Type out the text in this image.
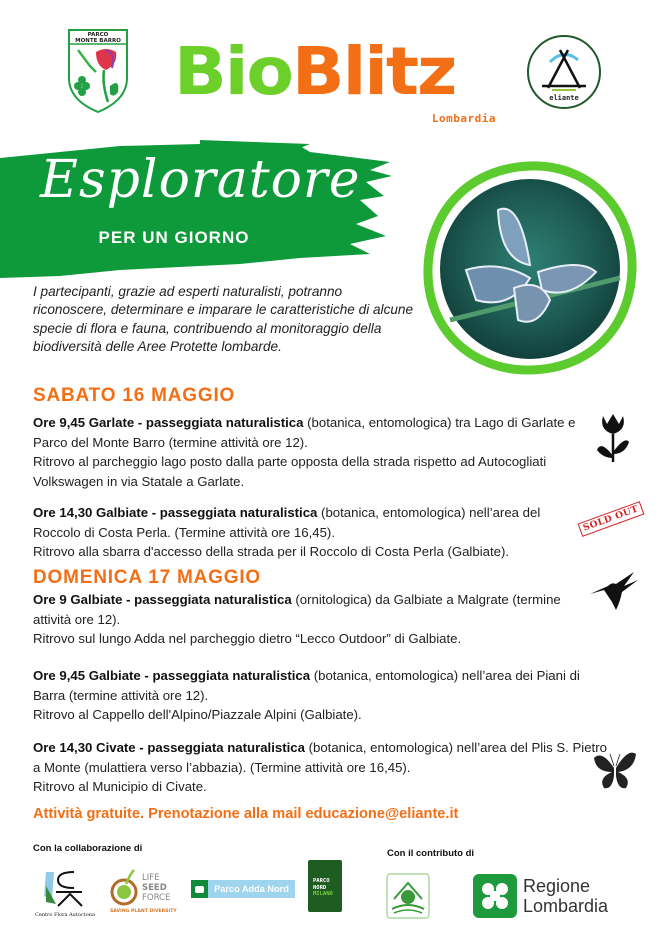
PARCO
MONTE BARRO BioBlitz
Lombardia
eliante
Esploratore
PER UN GIORNO

I partecipanti, grazie ad esperti naturalisti, potranno riconoscere, determinare e imparare le caratteristiche di alcune specie di flora e fauna, contribuendo al monitoraggio della biodiversità delle Aree Protette lombarde.

SABATO 16 MAGGIO
Ore 9,45 Garlate - passeggiata naturalistica (botanica, entomologica) tra Lago di Garlate e Parco del Monte Barro (termine attività ore 12).
Ritrovo al parcheggio lago posto dalla parte opposta della strada rispetto ad Autocogliati Volkswagen in via Statale a Garlate.
Ore 14,30 Galbiate - passeggiata naturalistica (botanica, entomologica) nell’area del Roccolo di Costa Perla. (Termine attività ore 16,45).
Ritrovo alla sbarra d'accesso della strada per il Roccolo di Costa Perla (Galbiate).
SOLD OUT
DOMENICA 17 MAGGIO
Ore 9 Galbiate - passeggiata naturalistica (ornitologica) da Galbiate a Malgrate (termine attività ore 12).
Ritrovo sul lungo Adda nel parcheggio dietro “Lecco Outdoor” di Galbiate.
Ore 9,45 Galbiate - passeggiata naturalistica (botanica, entomologica) nell’area dei Piani di Barra (termine attività ore 12).
Ritrovo al Cappello dell'Alpino/Piazzale Alpini (Galbiate).
Ore 14,30 Civate - passeggiata naturalistica (botanica, entomologica) nell’area del Plis S. Pietro a Monte (mulattiera verso l’abbazia). (Termine attività ore 16,45).
Ritrovo al Municipio di Civate.
Attività gratuite. Prenotazione alla mail educazione@eliante.it
Con la collaborazione di	Con il contributo di
Centro Flora Autoctona
LIFE
SEED
FORCE
SAVING PLANT DIVERSITY
Parco Adda Nord
PARCO
NORD
MILANO	Regione
Lombardia
